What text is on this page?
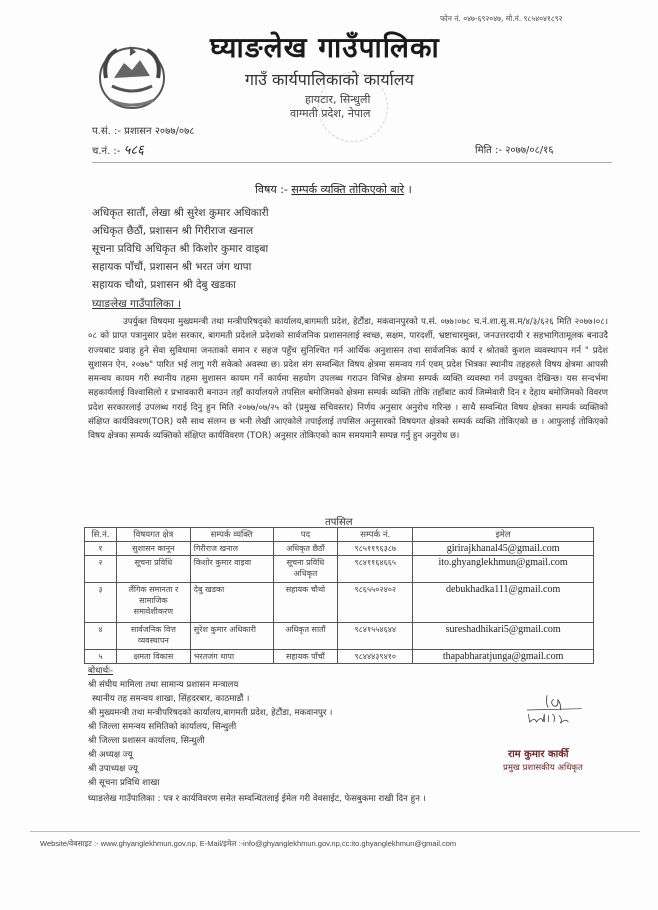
फोन नं. ०४७-६९२०४७, मो.नं. ९८५४०४१८९२
घ्याङलेख गाउँपालिका
गाउँ कार्यपालिकाको कार्यालय
हायटार, सिन्धुली
वाग्मती प्रदेश, नेपाल
प.सं. :- प्रशासन २०७७/०७८
च.नं. :- ५८६	मिति :- २०७७/०८/१६
विषय :- सम्पर्क व्यक्ति तोकिएको बारे ।
अधिकृत सातौं, लेखा श्री सुरेश कुमार अधिकारी
अधिकृत छैठौं, प्रशासन श्री गिरीराज खनाल
सूचना प्रविधि अधिकृत श्री किशोर कुमार वाइबा
सहायक पाँचौं, प्रशासन श्री भरत जंग थापा
सहायक चौथो, प्रशासन श्री देबु खडका
घ्याङलेख गाउँपालिका ।
उपर्युक्त विषयमा मुख्यमन्त्री तथा मन्त्रीपरिषद्को कार्यालय,बागमती प्रदेश, हेटौंडा, मकवानपुरको प.सं. ०७७।०७८ च.नं.शा.सु.स.म/४/३/६२६ मिति २०७७।०८।०८ को प्राप्त पत्रानुसार प्रदेश सरकार, बागमती प्रदेशले प्रदेशको सार्वजनिक प्रशासनलाई स्वच्छ, सक्षम, पारदर्शी, भ्रष्टाचारमुक्त, जनउत्तरदायी र सहभागितामूलक बनाउदै राज्यबाट प्रवाह हुने सेवा सुविधामा जनताको समान र सहज पहुँच सुनिश्चित गर्न आर्थिक अनुशासन तथा सार्वजनिक कार्य र श्रोतको कुशल व्यवस्थापन गर्न " प्रदेश सुशासन ऐन, २०७७" पारित भई लागु गरी सकेको अवस्था छ। प्रदेश संग सम्वन्धित विषय क्षेत्रमा समन्वय गर्न एवम् प्रदेश भित्रका स्थानीय तहहरुले विषय क्षेत्रमा आपसी समन्वय कायम गरी स्थानीय तहमा सुशासन कायम गर्ने कार्यमा सहयोग उपलब्ध गराउन विभिन्न क्षेत्रमा सम्पर्क व्यक्ति व्यवस्था गर्न उपयुक्त देखिन्छ। यस सन्दर्भमा सहकार्यलाई विश्वासिलो र प्रभावकारी बनाउन तहाँ कार्यालयले तपसिल बमोजिमको क्षेत्रमा सम्पर्क व्यक्ति तोकि तहाँबाट कार्य जिम्मेवारी दिन र देहाय बमोजिमको विवरण प्रदेश सरकारलाई उपलब्ध गराई दिनु हुन मिति २०७७/०७/२५ को (प्रमुख सचिवस्तर) निर्णय अनुसार अनुरोध गरिन्छ । साथै सम्वन्धित विषय क्षेत्रका सम्पर्क व्यक्तिको संक्षिप्त कार्यविवरण(TOR) यसै साथ संलग्न छ भनी लेखी आएकोले तपाईलाई तपसिल अनुसारको विषयगत क्षेत्रको सम्पर्क व्यक्ति तोकिएको छ । आफुलाई तोकिएको विषय क्षेत्रका सम्पर्क व्यक्तिको संक्षिप्त कार्यविवरण (TOR) अनुसार तोकिएको काम समयमानै सम्पन्न गर्नु हुन अनुरोध छ।
तपसिल
सि.नं.	विषयगत क्षेत्र	सम्पर्क व्यक्ति	पद	सम्पर्क नं.	इमेल
१	सुशासन कानून	गिरीराज खनाल	अधिकृत छैठौं	९८५११९६३८७	girirajkhanal45@gmail.com
२	सूचना प्रविधि	किशोर कुमार वाइवा	सूचना प्रविधि अधिकृत	९८४११६४६६५	ito.ghyanglekhmun@gmail.com
३	लैंगिक समानता र सामाजिक समावेशीकरण	देबु खडका	सहायक चौथो	९८६५५०२४०२	debukhadka111@gmail.com
४	सार्वजनिक वित्त व्यवस्थापन	सुरेश कुमार अधिकारी	अधिकृत सातौं	९८४१५५४६४४	sureshadhikari5@gmail.com
५	क्षमता विकास	भरतजंग थापा	सहायक पाँचौं	९८४४४३९४१०	thapabharatjunga@gmail.com
बोधार्थः-
श्री संघीय मामिला तथा सामान्य प्रशासन मन्त्रालय
स्थानीय तह समन्वय शाखा, सिंहदरबार, काठमाडौं ।
श्री मुख्यमन्त्री तथा मन्त्रीपरिषदको कार्यालय,बागमती प्रदेश, हेटौंडा, मकवानपुर ।
श्री जिल्ला समन्वय समितिको कार्यालय, सिन्धुली
श्री जिल्ला प्रशासन कार्यालय, सिन्धुली
श्री अध्यक्ष ज्यू
श्री उपाध्यक्ष ज्यू
श्री सूचना प्रविधि शाखा
घ्याङलेख गाउँपालिका : पत्र र कार्यविवरण समेत सम्वन्धितलाई ईमेल गरी वेवसाईट, फेसबुकमा राखी दिन हुन ।
राम कुमार कार्की
प्रमुख प्रशासकीय अधिकृत
Website/वेबसाइट :- www.ghyanglekhmun.gov.np, E-Mail/इमेल :-info@ghyanglekhmun.gov.np,cc:ito.ghyanglekhmun@gmail.com
